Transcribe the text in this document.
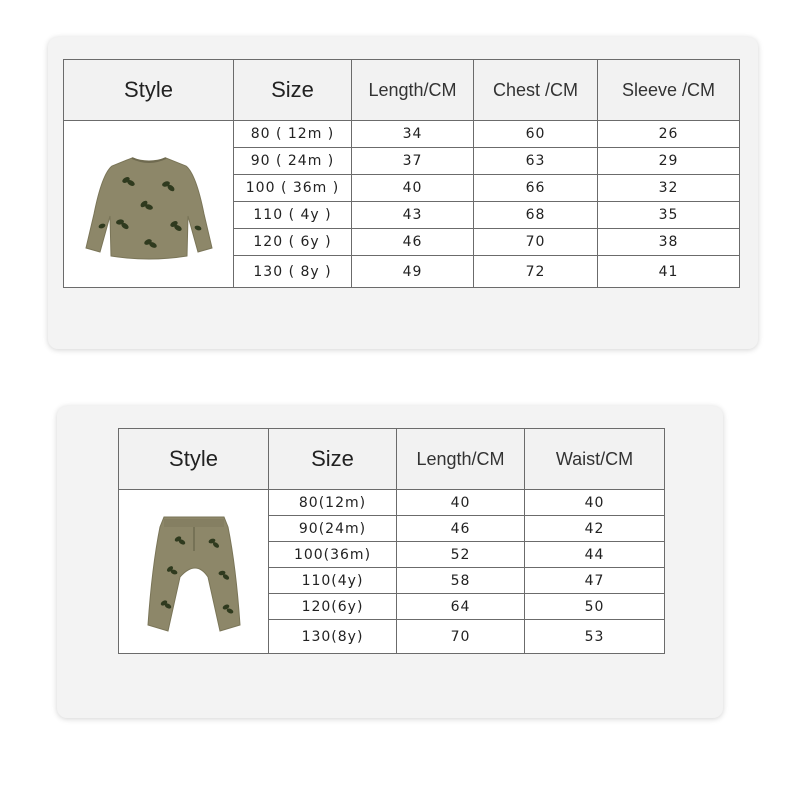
Style	Size	Length/CM	Chest /CM	Sleeve /CM

	80 ( 12m )	34	60	26
	90 ( 24m )	37	63	29
	100 ( 36m )	40	66	32
	110 ( 4y )	43	68	35
	120 ( 6y )	46	70	38
	130 ( 8y )	49	72	41
Style	Size	Length/CM	Waist/CM

	80(12m)	40	40
	90(24m)	46	42
	100(36m)	52	44
	110(4y)	58	47
	120(6y)	64	50
	130(8y)	70	53
